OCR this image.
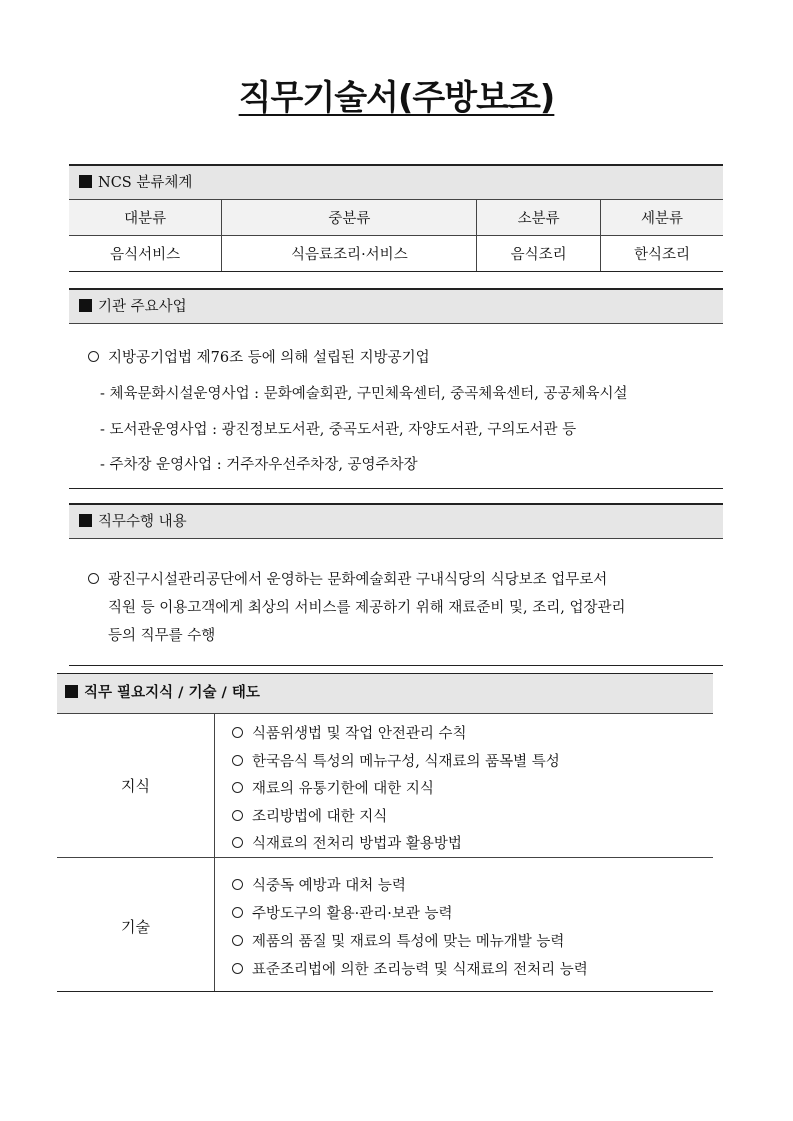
직무기술서(주방보조)
NCS 분류체계
대분류	중분류	소분류	세분류
음식서비스	식음료조리·서비스	음식조리	한식조리
기관 주요사업
지방공기업법 제76조 등에 의해 설립된 지방공기업
- 체육문화시설운영사업 : 문화예술회관, 구민체육센터, 중곡체육센터, 공공체육시설
- 도서관운영사업 : 광진정보도서관, 중곡도서관, 자양도서관, 구의도서관 등
- 주차장 운영사업 : 거주자우선주차장, 공영주차장
직무수행 내용
광진구시설관리공단에서 운영하는 문화예술회관 구내식당의 식당보조 업무로서
직원 등 이용고객에게 최상의 서비스를 제공하기 위해 재료준비 및, 조리, 업장관리
등의 직무를 수행
직무 필요지식 / 기술 / 태도
지식
식품위생법 및 작업 안전관리 수칙
한국음식 특성의 메뉴구성, 식재료의 품목별 특성
재료의 유통기한에 대한 지식
조리방법에 대한 지식
식재료의 전처리 방법과 활용방법
기술
식중독 예방과 대처 능력
주방도구의 활용·관리·보관 능력
제품의 품질 및 재료의 특성에 맞는 메뉴개발 능력
표준조리법에 의한 조리능력 및 식재료의 전처리 능력
